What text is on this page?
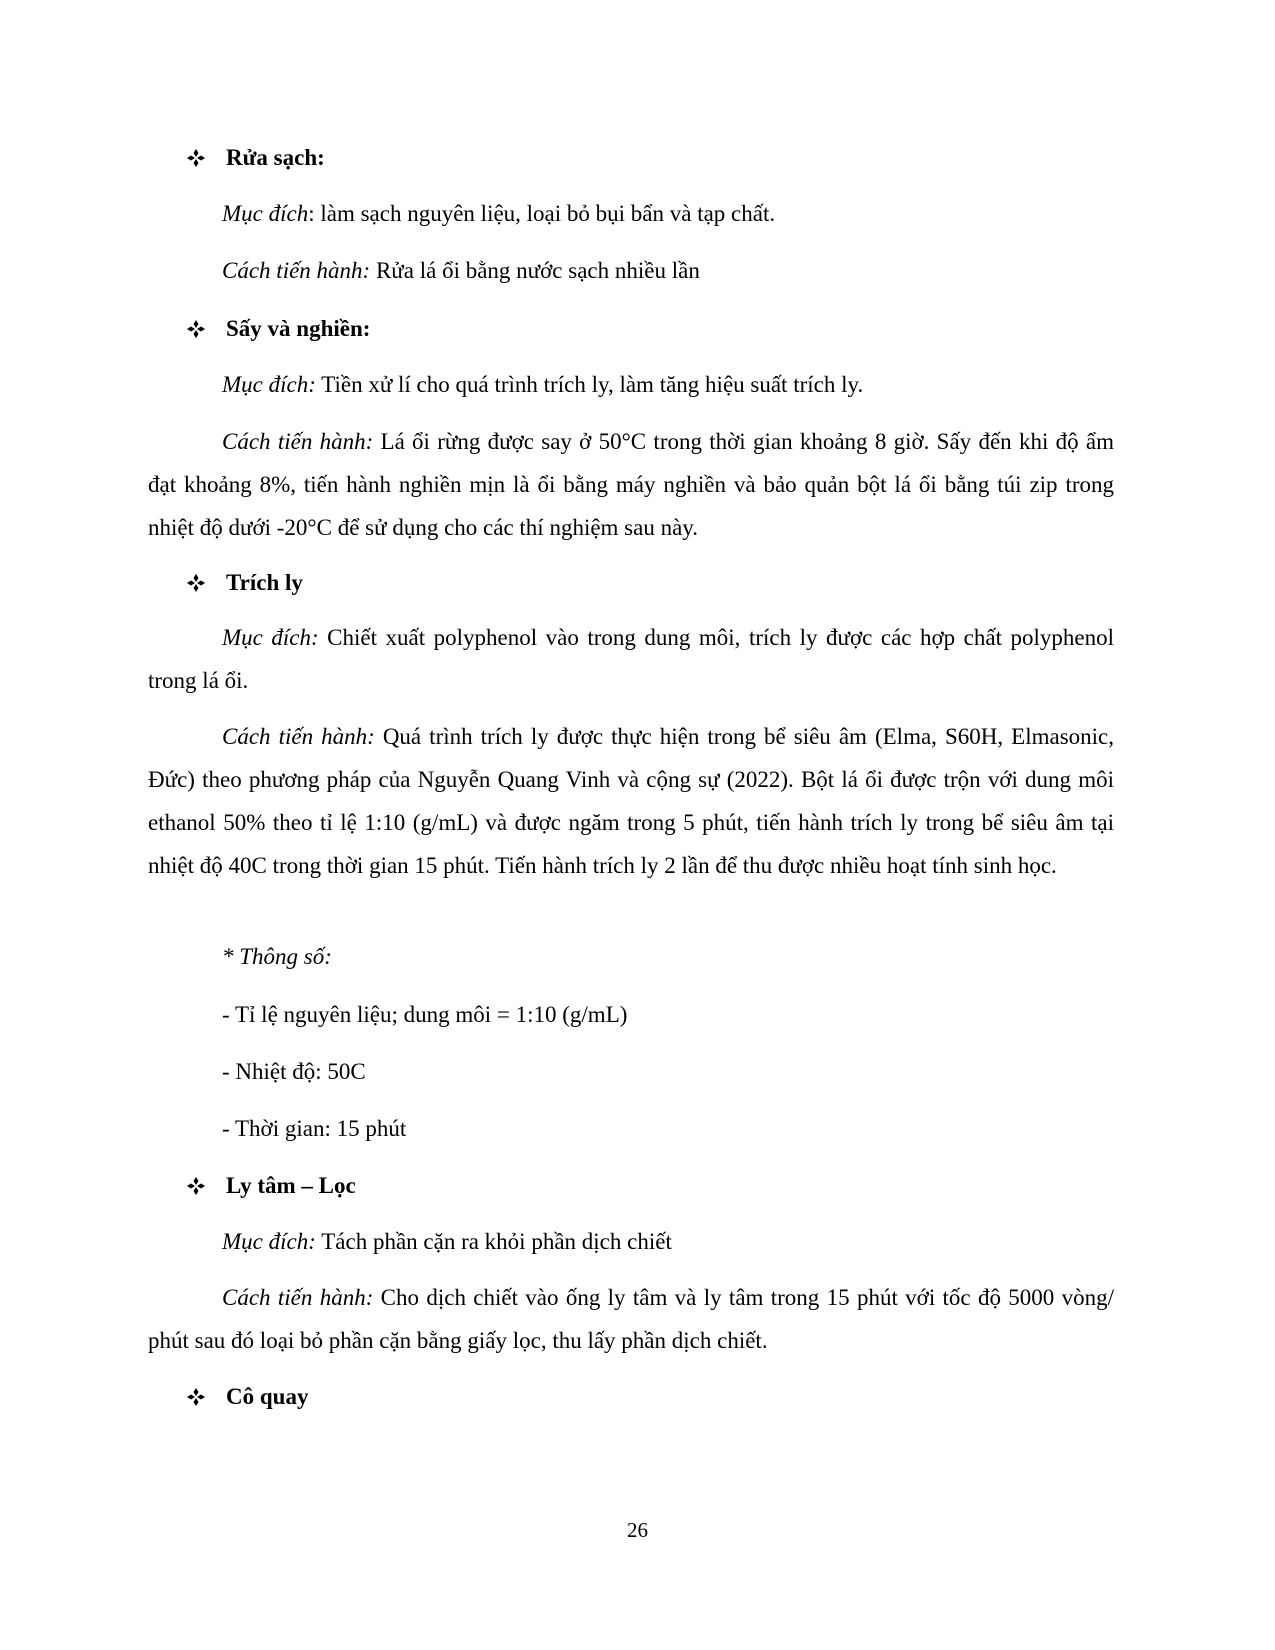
Rửa sạch:
Mục đích: làm sạch nguyên liệu, loại bỏ bụi bẩn và tạp chất.
Cách tiến hành: Rửa lá ổi bằng nước sạch nhiều lần
Sấy và nghiền:
Mục đích: Tiền xử lí cho quá trình trích ly, làm tăng hiệu suất trích ly.
Cách tiến hành: Lá ổi rừng được say ở 50°C trong thời gian khoảng 8 giờ. Sấy đến khi độ ẩm đạt khoảng 8%, tiến hành nghiền mịn là ổi bằng máy nghiền và bảo quản bột lá ổi bằng túi zip trong nhiệt độ dưới -20°C để sử dụng cho các thí nghiệm sau này.
Trích ly
Mục đích: Chiết xuất polyphenol vào trong dung môi, trích ly được các hợp chất polyphenol trong lá ổi.
Cách tiến hành: Quá trình trích ly được thực hiện trong bể siêu âm (Elma, S60H, Elmasonic, Đức) theo phương pháp của Nguyễn Quang Vinh và cộng sự (2022). Bột lá ổi được trộn với dung môi ethanol 50% theo tỉ lệ 1:10 (g/mL) và được ngăm trong 5 phút, tiến hành trích ly trong bể siêu âm tại nhiệt độ 40C trong thời gian 15 phút. Tiến hành trích ly 2 lần để thu được nhiều hoạt tính sinh học.
* Thông số:
- Tỉ lệ nguyên liệu; dung môi = 1:10 (g/mL)
- Nhiệt độ: 50C
- Thời gian: 15 phút
Ly tâm – Lọc
Mục đích: Tách phần cặn ra khỏi phần dịch chiết
Cách tiến hành: Cho dịch chiết vào ống ly tâm và ly tâm trong 15 phút với tốc độ 5000 vòng/ phút sau đó loại bỏ phần cặn bằng giấy lọc, thu lấy phần dịch chiết.
Cô quay
26
